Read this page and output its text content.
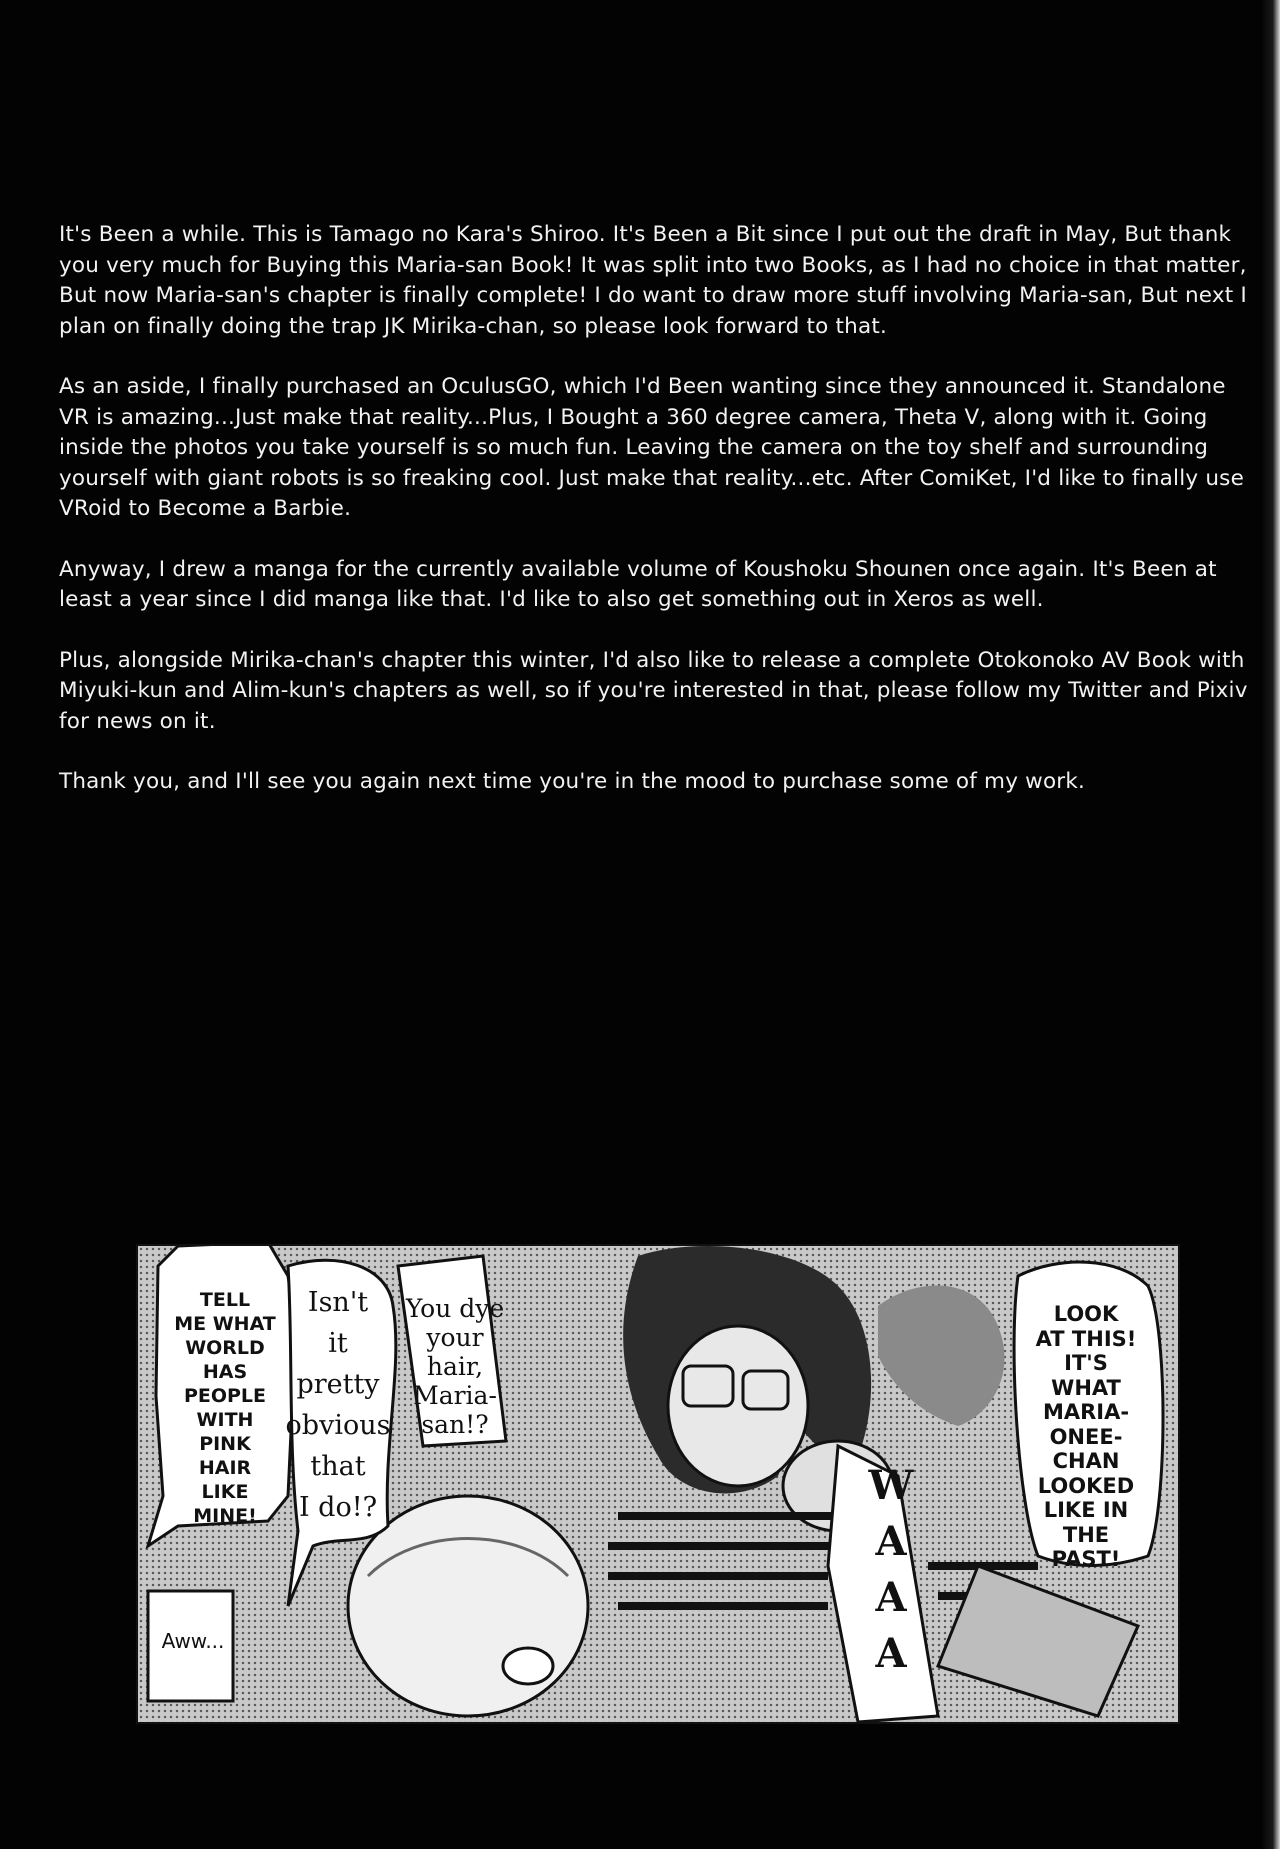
It's Been a while. This is Tamago no Kara's Shiroo. It's Been a Bit since I put out the draft in May, But thank you very much for Buying this Maria-san Book! It was split into two Books, as I had no choice in that matter, But now Maria-san's chapter is finally complete! I do want to draw more stuff involving Maria-san, But next I plan on finally doing the trap JK Mirika-chan, so please look forward to that.

As an aside, I finally purchased an OculusGO, which I'd Been wanting since they announced it. Standalone VR is amazing...Just make that reality...Plus, I Bought a 360 degree camera, Theta V, along with it. Going inside the photos you take yourself is so much fun. Leaving the camera on the toy shelf and surrounding yourself with giant robots is so freaking cool. Just make that reality...etc. After ComiKet, I'd like to finally use VRoid to Become a Barbie.

Anyway, I drew a manga for the currently available volume of Koushoku Shounen once again. It's Been at least a year since I did manga like that. I'd like to also get something out in Xeros as well.

Plus, alongside Mirika-chan's chapter this winter, I'd also like to release a complete Otokonoko AV Book with Miyuki-kun and Alim-kun's chapters as well, so if you're interested in that, please follow my Twitter and Pixiv for news on it.

Thank you, and I'll see you again next time you're in the mood to purchase some of my work.

TELL
ME WHAT
WORLD
HAS
PEOPLE
WITH
PINK
HAIR
LIKE
MINE!
Isn't
it
pretty
obvious
that
I do!?
You dye
your
hair,
Maria-
san!?
LOOK
AT THIS!
IT'S WHAT
MARIA-
ONEE-
CHAN
LOOKED
LIKE IN
THE
PAST!
Aww...
W
A
A
A
